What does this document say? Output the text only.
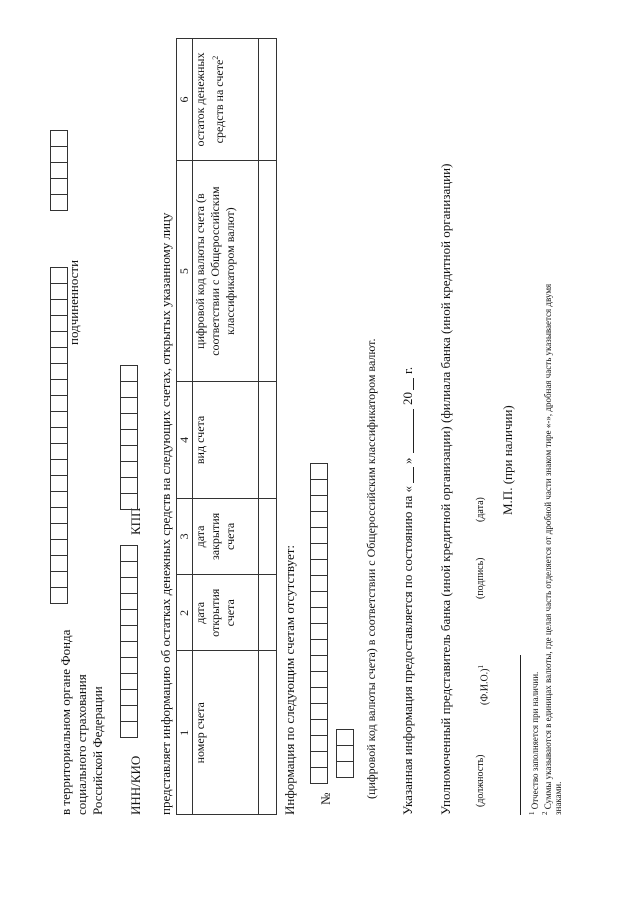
в территориальном органе Фонда социального страхования Российской Федерации
подчиненности
ИНН/КИО
КПП представляет информацию об остатках денежных средств на следующих счетах, открытых указанному лицу 1	2	3	4	5	6
номер счета	дата открытия счета	дата закрытия счета	вид счета	цифровой код валюты счета (в соответствии с Общероссийским классификатором валют)	остаток денежных средств на счете$^2$

Информация по следующим счетам отсутствует: №	(цифровой код валюты счета) в соответствии с Общероссийским классификатором валют. Указанная информация предоставляется по состоянию на «
»
20
г. Уполномоченный представитель банка (иной кредитной организации) (филиала банка (иной кредитной организации) (должность)
$(Ф.И.О.)^1$
(подпись)
(дата) М.П. (при наличии)
$^1$ Отчество заполняется при наличии.
$^2$ Суммы указываются в единицах валюты, где целая часть отделяется от дробной части знаком тире «-», дробная часть указывается двумя знаками.
